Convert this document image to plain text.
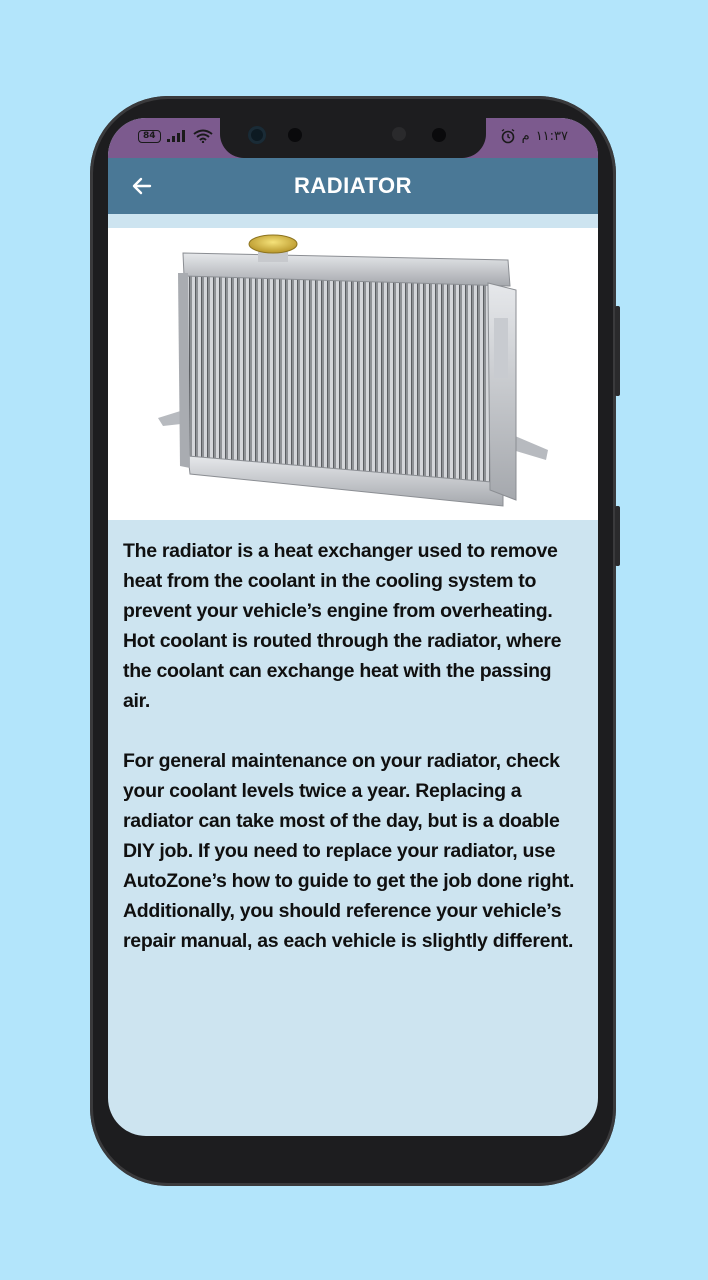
84	م ۱۱:۳۷
RADIATOR

The radiator is a heat exchanger used to remove heat from the coolant in the cooling system to prevent your vehicle’s engine from overheating. Hot coolant is routed through the radiator, where the coolant can exchange heat with the passing air.

For general maintenance on your radiator, check your coolant levels twice a year. Replacing a radiator can take most of the day, but is a doable DIY job. If you need to replace your radiator, use AutoZone’s how to guide to get the job done right. Additionally, you should reference your vehicle’s repair manual, as each vehicle is slightly different.
